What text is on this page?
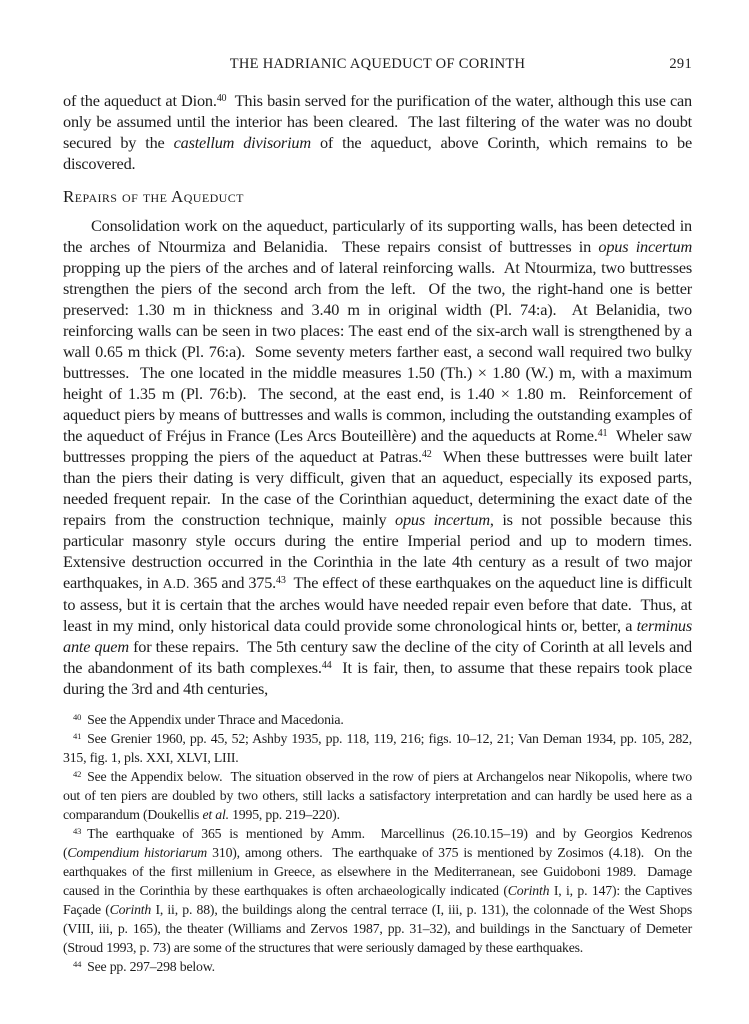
THE HADRIANIC AQUEDUCT OF CORINTH	291

of the aqueduct at Dion.$^{40}$  This basin served for the purification of the water, although this use can only be assumed until the interior has been cleared.  The last filtering of the water was no doubt secured by the castellum divisorium of the aqueduct, above Corinth, which remains to be discovered.

Repairs of the Aqueduct

Consolidation work on the aqueduct, particularly of its supporting walls, has been detected in the arches of Ntourmiza and Belanidia.  These repairs consist of buttresses in opus incertum propping up the piers of the arches and of lateral reinforcing walls.  At Ntourmiza, two buttresses strengthen the piers of the second arch from the left.  Of the two, the right-hand one is better preserved: 1.30 m in thickness and 3.40 m in original width (Pl. 74:a).  At Belanidia, two reinforcing walls can be seen in two places: The east end of the six-arch wall is strengthened by a wall 0.65 m thick (Pl. 76:a).  Some seventy meters farther east, a second wall required two bulky buttresses.  The one located in the middle measures 1.50 (Th.) × 1.80 (W.) m, with a maximum height of 1.35 m (Pl. 76:b).  The second, at the east end, is 1.40 × 1.80 m.  Reinforcement of aqueduct piers by means of buttresses and walls is common, including the outstanding examples of the aqueduct of Fréjus in France (Les Arcs Bouteillère) and the aqueducts at Rome.$^{41}$  Wheler saw buttresses propping the piers of the aqueduct at Patras.$^{42}$  When these buttresses were built later than the piers their dating is very difficult, given that an aqueduct, especially its exposed parts, needed frequent repair.  In the case of the Corinthian aqueduct, determining the exact date of the repairs from the construction technique, mainly opus incertum, is not possible because this particular masonry style occurs during the entire Imperial period and up to modern times.  Extensive destruction occurred in the Corinthia in the late 4th century as a result of two major earthquakes, in A.D. 365 and 375.43  The effect of these earthquakes on the aqueduct line is difficult to assess, but it is certain that the arches would have needed repair even before that date.  Thus, at least in my mind, only historical data could provide some chronological hints or, better, a terminus ante quem for these repairs.  The 5th century saw the decline of the city of Corinth at all levels and the abandonment of its bath complexes.$^{44}$  It is fair, then, to assume that these repairs took place during the 3rd and 4th centuries,

$^{40}$ See the Appendix under Thrace and Macedonia.

$^{41}$ See Grenier 1960, pp. 45, 52; Ashby 1935, pp. 118, 119, 216; figs. 10–12, 21; Van Deman 1934, pp. 105, 282, 315, fig. 1, pls. XXI, XLVI, LIII.

$^{42}$ See the Appendix below.  The situation observed in the row of piers at Archangelos near Nikopolis, where two out of ten piers are doubled by two others, still lacks a satisfactory interpretation and can hardly be used here as a comparandum (Doukellis et al. 1995, pp. 219–220).

$^{43}$ The earthquake of 365 is mentioned by Amm.  Marcellinus (26.10.15–19) and by Georgios Kedrenos (Compendium historiarum 310), among others.  The earthquake of 375 is mentioned by Zosimos (4.18).  On the earthquakes of the first millenium in Greece, as elsewhere in the Mediterranean, see Guidoboni 1989.  Damage caused in the Corinthia by these earthquakes is often archaeologically indicated (Corinth I, i, p. 147): the Captives Façade (Corinth I, ii, p. 88), the buildings along the central terrace (I, iii, p. 131), the colonnade of the West Shops (VIII, iii, p. 165), the theater (Williams and Zervos 1987, pp. 31–32), and buildings in the Sanctuary of Demeter (Stroud 1993, p. 73) are some of the structures that were seriously damaged by these earthquakes.

$^{44}$ See pp. 297–298 below.
